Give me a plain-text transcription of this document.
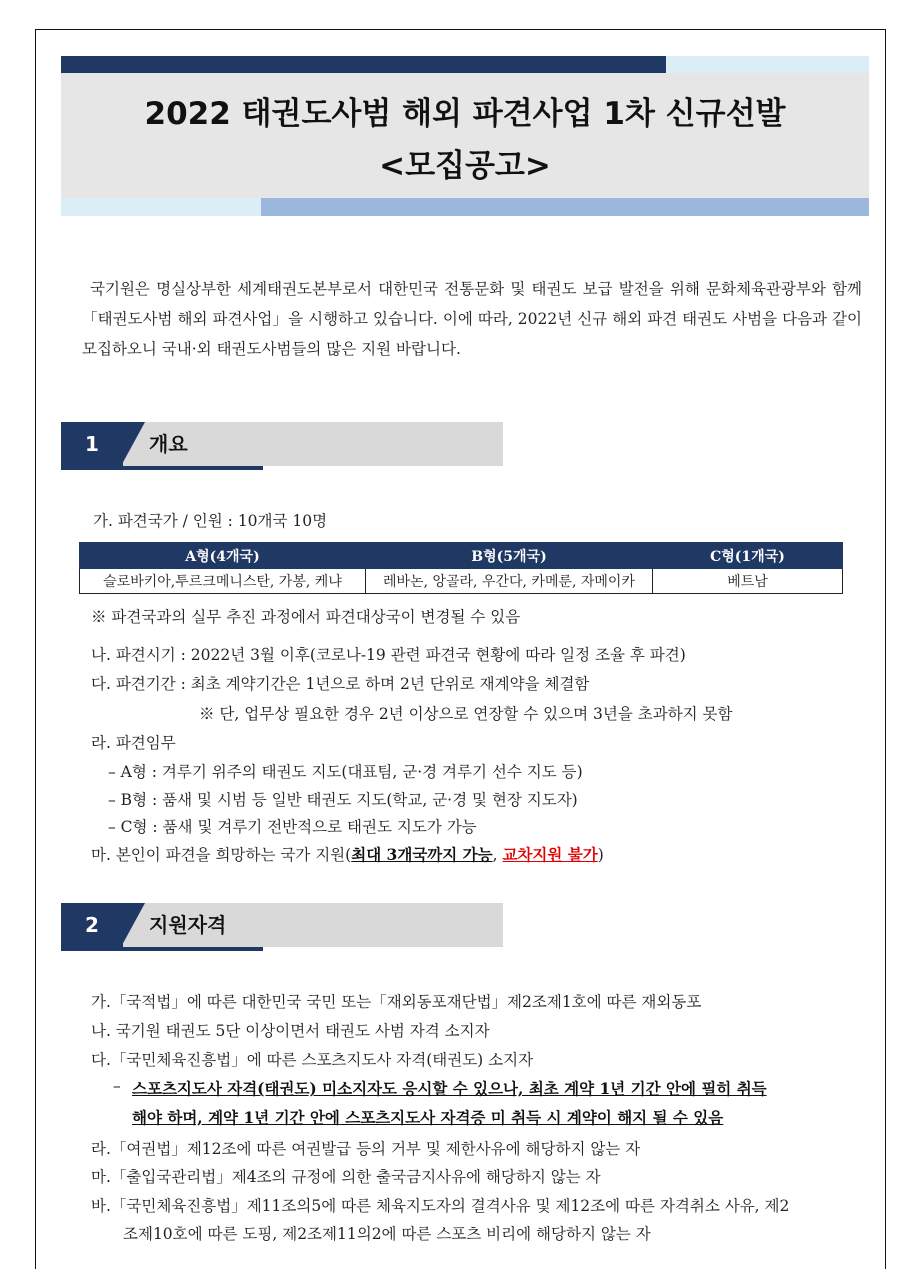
2022 태권도사범 해외 파견사업 1차 신규선발
<모집공고>

국기원은 명실상부한 세계태권도본부로서 대한민국 전통문화 및 태권도 보급 발전을 위해 문화체육관광부와 함께 「태권도사범 해외 파견사업」을 시행하고 있습니다. 이에 따라, 2022년 신규 해외 파견 태권도 사범을 다음과 같이 모집하오니 국내·외 태권도사범들의 많은 지원 바랍니다.

1	개요

가. 파견국가 / 인원 : 10개국 10명

A형(4개국)	B형(5개국)	C형(1개국)
슬로바키아,투르크메니스탄, 가봉, 케냐	레바논, 앙골라, 우간다, 카메룬, 자메이카	베트남

※ 파견국과의 실무 추진 과정에서 파견대상국이 변경될 수 있음

나. 파견시기 : 2022년 3월 이후(코로나-19 관련 파견국 현황에 따라 일정 조율 후 파견)

다. 파견기간 : 최초 계약기간은 1년으로 하며 2년 단위로 재계약을 체결함

※ 단, 업무상 필요한 경우 2년 이상으로 연장할 수 있으며 3년을 초과하지 못함

라. 파견임무

– A형 : 겨루기 위주의 태권도 지도(대표팀, 군·경 겨루기 선수 지도 등)

– B형 : 품새 및 시범 등 일반 태권도 지도(학교, 군·경 및 현장 지도자)

– C형 : 품새 및 겨루기 전반적으로 태권도 지도가 가능

마. 본인이 파견을 희망하는 국가 지원(최대 3개국까지 가능, 교차지원 불가)

2	지원자격

가.「국적법」에 따른 대한민국 국민 또는「재외동포재단법」제2조제1호에 따른 재외동포

나. 국기원 태권도 5단 이상이면서 태권도 사범 자격 소지자

다.「국민체육진흥법」에 따른 스포츠지도사 자격(태권도) 소지자

– 스포츠지도사 자격(태권도) 미소지자도 응시할 수 있으나, 최초 계약 1년 기간 안에 필히 취득

해야 하며, 계약 1년 기간 안에 스포츠지도사 자격증 미 취득 시 계약이 해지 될 수 있음

라.「여권법」제12조에 따른 여권발급 등의 거부 및 제한사유에 해당하지 않는 자

마.「출입국관리법」제4조의 규정에 의한 출국금지사유에 해당하지 않는 자

바.「국민체육진흥법」제11조의5에 따른 체육지도자의 결격사유 및 제12조에 따른 자격취소 사유, 제2

조제10호에 따른 도핑, 제2조제11의2에 따른 스포츠 비리에 해당하지 않는 자
